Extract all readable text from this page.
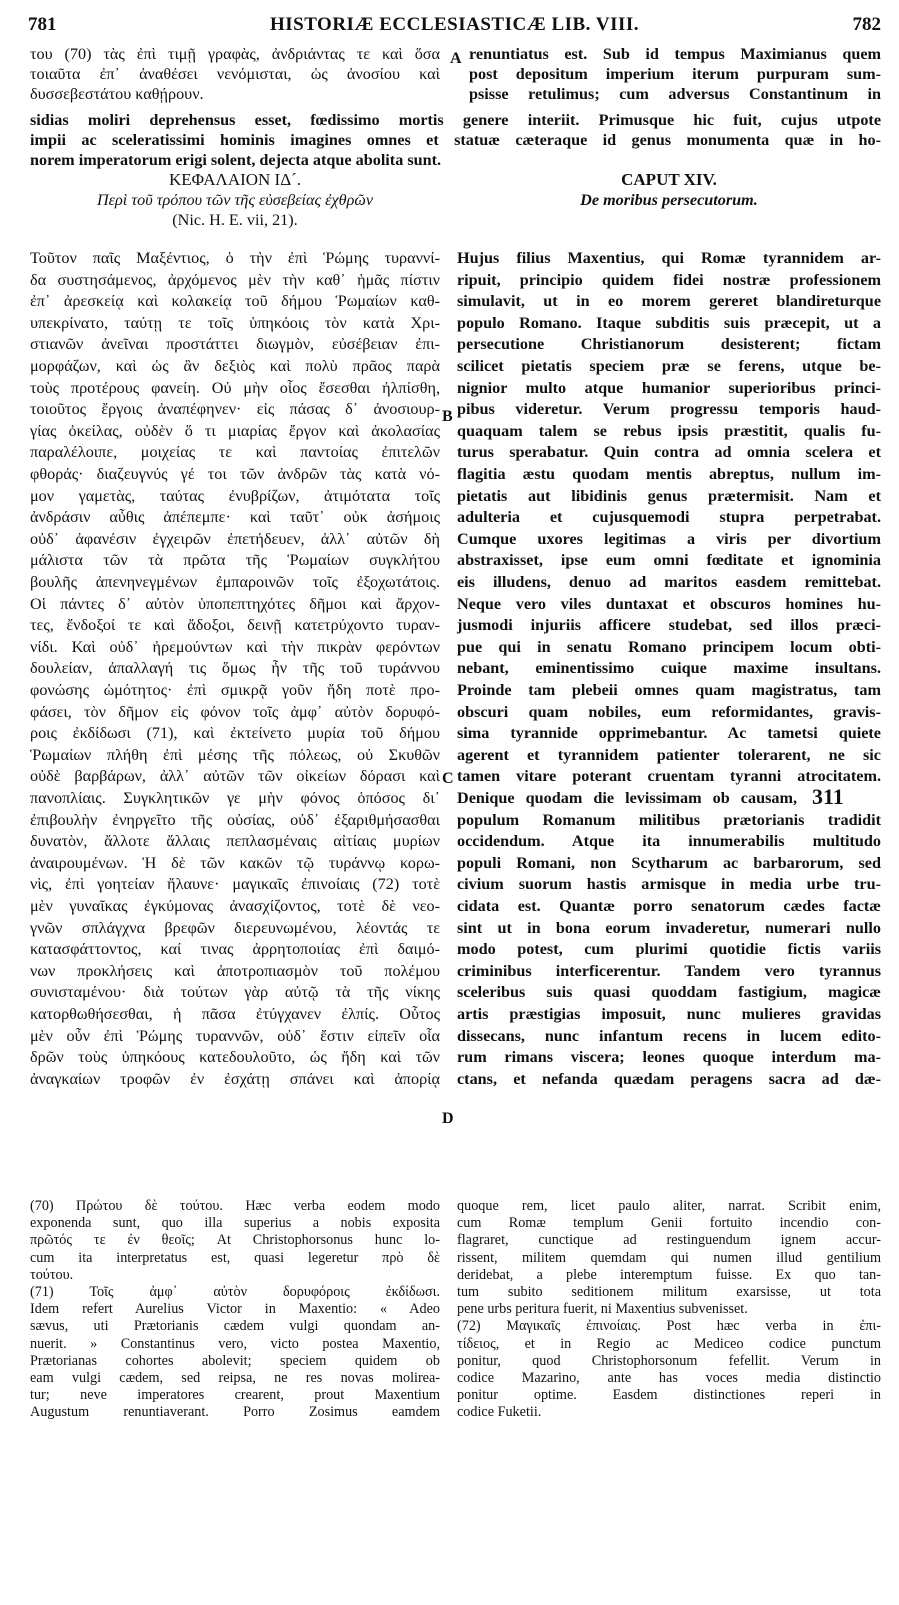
781	HISTORIÆ ECCLESIASTICÆ LIB. VIII.	782
του (70) τὰς ἐπὶ τιμῇ γραφὰς, ἀνδριάντας τε καὶ ὅσα
τοιαῦτα ἐπ᾽ ἀναθέσει νενόμισται, ὡς ἀνοσίου καὶ
δυσσεβεστάτου καθῄρουν.
renuntiatus est. Sub id tempus Maximianus quem
post depositum imperium iterum purpuram sum-
psisse retulimus; cum adversus Constantinum in
sidias moliri deprehensus esset, fœdissimo mortis genere interiit. Primusque hic fuit, cujus utpote
impii ac sceleratissimi hominis imagines omnes et statuæ cæteraque id genus monumenta quæ in ho-
norem imperatorum erigi solent, dejecta atque abolita sunt.
ΚΕΦΑΛΑΙΟΝ ΙΔ´.
Περὶ τοῦ τρόπου τῶν τῆς εὐσεβείας ἐχθρῶν
(Nic. H. E. vii, 21).
CAPUT XIV.
De moribus persecutorum.
A
B
C
D
Τοῦτον παῖς Μαξέντιος, ὁ τὴν ἐπὶ Ῥώμης τυραννί-
δα συστησάμενος, ἀρχόμενος μὲν τὴν καθ᾽ ἡμᾶς πίστιν
ἐπ᾽ ἀρεσκείᾳ καὶ κολακείᾳ τοῦ δήμου Ῥωμαίων καθ-
υπεκρίνατο, ταύτῃ τε τοῖς ὑπηκόοις τὸν κατὰ Χρι-
στιανῶν ἀνεῖναι προστάττει διωγμὸν, εὐσέβειαν ἐπι-
μορφάζων, καὶ ὡς ἂν δεξιὸς καὶ πολὺ πρᾶος παρὰ
τοὺς προτέρους φανείη. Οὐ μὴν οἷος ἔσεσθαι ἠλπίσθη,
τοιοῦτος ἔργοις ἀναπέφηνεν· εἰς πάσας δ᾽ ἀνοσιουρ-
γίας ὀκείλας, οὐδὲν ὅ τι μιαρίας ἔργον καὶ ἀκολασίας
παραλέλοιπε, μοιχείας τε καὶ παντοίας ἐπιτελῶν
φθοράς· διαζευγνύς γέ τοι τῶν ἀνδρῶν τὰς κατὰ νό-
μον γαμετὰς, ταύτας ἐνυβρίζων, ἀτιμότατα τοῖς
ἀνδράσιν αὖθις ἀπέπεμπε· καὶ ταῦτ᾽ οὐκ ἀσήμοις
οὐδ᾽ ἀφανέσιν ἐγχειρῶν ἐπετήδευεν, ἀλλ᾽ αὐτῶν δὴ
μάλιστα τῶν τὰ πρῶτα τῆς Ῥωμαίων συγκλήτου
βουλῆς ἀπενηνεγμένων ἐμπαροινῶν τοῖς ἐξοχωτάτοις.
Οἱ πάντες δ᾽ αὐτὸν ὑποπεπτηχότες δῆμοι καὶ ἄρχον-
τες, ἔνδοξοί τε καὶ ἄδοξοι, δεινῇ κατετρύχοντο τυραν-
νίδι. Καὶ οὐδ᾽ ἠρεμούντων καὶ τὴν πικρὰν φερόντων
δουλείαν, ἀπαλλαγή τις ὅμως ἦν τῆς τοῦ τυράννου
φονώσης ὠμότητος· ἐπὶ σμικρᾷ γοῦν ἤδη ποτὲ προ-
φάσει, τὸν δῆμον εἰς φόνον τοῖς ἀμφ᾽ αὐτὸν δορυφό-
ροις ἐκδίδωσι (71), καὶ ἐκτείνετο μυρία τοῦ δήμου
Ῥωμαίων πλήθη ἐπὶ μέσης τῆς πόλεως, οὐ Σκυθῶν
οὐδὲ βαρβάρων, ἀλλ᾽ αὐτῶν τῶν οἰκείων δόρασι καὶ
πανοπλίαις. Συγκλητικῶν γε μὴν φόνος ὁπόσος δι᾽
ἐπιβουλὴν ἐνηργεῖτο τῆς οὐσίας, οὐδ᾽ ἐξαριθμήσασθαι
δυνατὸν, ἄλλοτε ἄλλαις πεπλασμέναις αἰτίαις μυρίων
ἀναιρουμένων. Ἡ δὲ τῶν κακῶν τῷ τυράννῳ κορω-
νὶς, ἐπὶ γοητείαν ἤλαυνε· μαγικαῖς ἐπινοίαις (72) τοτὲ
μὲν γυναῖκας ἐγκύμονας ἀνασχίζοντος, τοτὲ δὲ νεο-
γνῶν σπλάγχνα βρεφῶν διερευνωμένου, λέοντάς τε
κατασφάττοντος, καί τινας ἀρρητοποιίας ἐπὶ δαιμό-
νων προκλήσεις καὶ ἀποτροπιασμὸν τοῦ πολέμου
συνισταμένου· διὰ τούτων γὰρ αὐτῷ τὰ τῆς νίκης
κατορθωθήσεσθαι, ἡ πᾶσα ἐτύγχανεν ἐλπίς. Οὗτος
μὲν οὖν ἐπὶ Ῥώμης τυραννῶν, οὐδ᾽ ἔστιν εἰπεῖν οἷα
δρῶν τοὺς ὑπηκόους κατεδουλοῦτο, ὡς ἤδη καὶ τῶν
ἀναγκαίων τροφῶν ἐν ἐσχάτῃ σπάνει καὶ ἀπορίᾳ
Hujus filius Maxentius, qui Romæ tyrannidem ar-
ripuit, principio quidem fidei nostræ professionem
simulavit, ut in eo morem gereret blandireturque
populo Romano. Itaque subditis suis præcepit, ut a
persecutione Christianorum desisterent; fictam
scilicet pietatis speciem præ se ferens, utque be-
nignior multo atque humanior superioribus princi-
pibus videretur. Verum progressu temporis haud-
quaquam talem se rebus ipsis præstitit, qualis fu-
turus sperabatur. Quin contra ad omnia scelera et
flagitia æstu quodam mentis abreptus, nullum im-
pietatis aut libidinis genus prætermisit. Nam et
adulteria et cujusquemodi stupra perpetrabat.
Cumque uxores legitimas a viris per divortium
abstraxisset, ipse eum omni fœditate et ignominia
eis illudens, denuo ad maritos easdem remittebat.
Neque vero viles duntaxat et obscuros homines hu-
jusmodi injuriis afficere studebat, sed illos præci-
pue qui in senatu Romano principem locum obti-
nebant, eminentissimo cuique maxime insultans.
Proinde tam plebeii omnes quam magistratus, tam
obscuri quam nobiles, eum reformidantes, gravis-
sima tyrannide opprimebantur. Ac tametsi quiete
agerent et tyrannidem patienter tolerarent, ne sic
tamen vitare poterant cruentam tyranni atrocitatem.
Denique quodam die levissimam ob causam,
populum Romanum militibus prætorianis tradidit
occidendum. Atque ita innumerabilis multitudo
populi Romani, non Scytharum ac barbarorum, sed
civium suorum hastis armisque in media urbe tru-
cidata est. Quantæ porro senatorum cædes factæ
sint ut in bona eorum invaderetur, numerari nullo
modo potest, cum plurimi quotidie fictis variis
criminibus interficerentur. Tandem vero tyrannus
sceleribus suis quasi quoddam fastigium, magicæ
artis præstigias imposuit, nunc mulieres gravidas
dissecans, nunc infantum recens in lucem edito-
rum rimans viscera; leones quoque interdum ma-
ctans, et nefanda quædam peragens sacra ad dæ-
311
(70) Πρώτου δὲ τούτου. Hæc verba eodem modo
exponenda sunt, quo illa superius a nobis exposita
πρῶτός τε ἐν θεοῖς; At Christophorsonus hunc lo-
cum ita interpretatus est, quasi legeretur πρὸ δὲ
τούτου.
(71) Τοῖς ἀμφ᾽ αὐτὸν δορυφόροις ἐκδίδωσι.
Idem refert Aurelius Victor in Maxentio: « Adeo
sævus, uti Prætorianis cædem vulgi quondam an-
nuerit. » Constantinus vero, victo postea Maxentio,
Prætorianas cohortes abolevit; speciem quidem ob
eam vulgi cædem, sed reipsa, ne res novas molirea-
tur; neve imperatores crearent, prout Maxentium
Augustum renuntiaverant. Porro Zosimus eamdem
quoque rem, licet paulo aliter, narrat. Scribit enim,
cum Romæ templum Genii fortuito incendio con-
flagraret, cunctique ad restinguendum ignem accur-
rissent, militem quemdam qui numen illud gentilium
deridebat, a plebe interemptum fuisse. Ex quo tan-
tum subito seditionem militum exarsisse, ut tota
pene urbs peritura fuerit, ni Maxentius subvenisset.
(72) Μαγικαῖς ἐπινοίαις. Post hæc verba in ἐπι-
τίδειος, et in Regio ac Mediceo codice punctum
ponitur, quod Christophorsonum fefellit. Verum in
codice Mazarino, ante has voces media distinctio
ponitur optime. Easdem distinctiones reperi in
codice Fuketii.
